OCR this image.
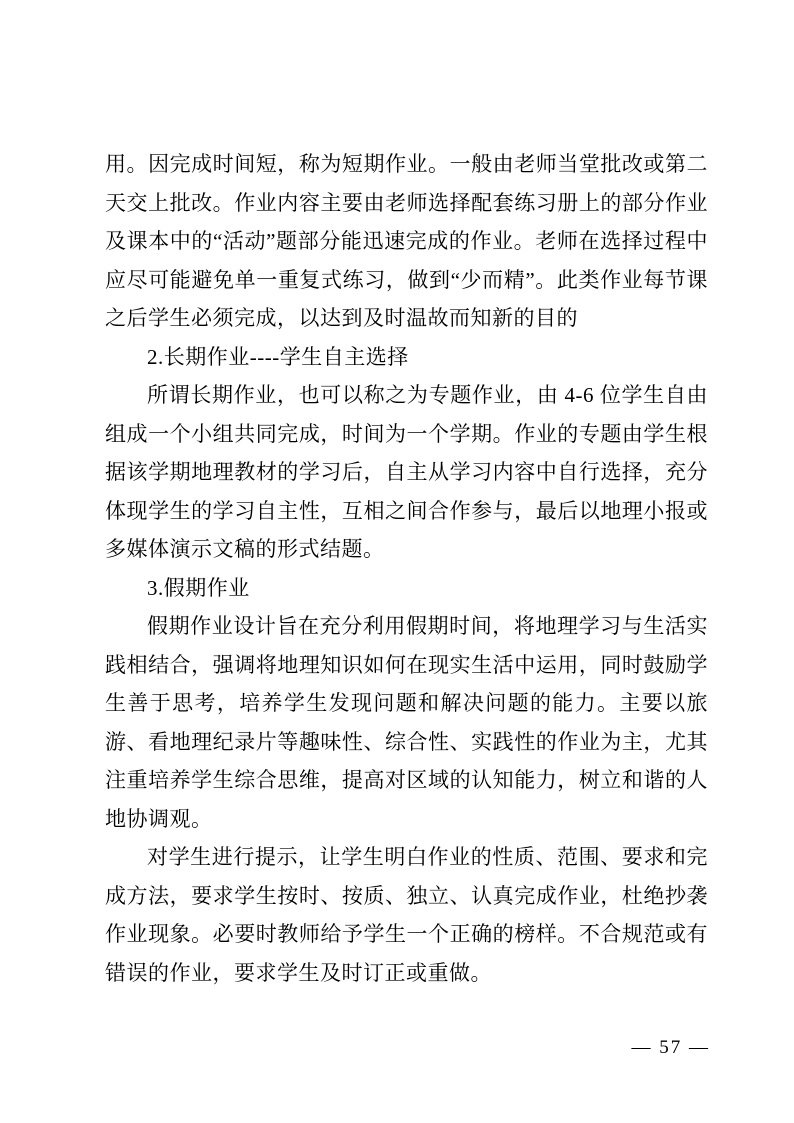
用。因完成时间短，称为短期作业。一般由老师当堂批改或第二天交上批改。作业内容主要由老师选择配套练习册上的部分作业及课本中的“活动”题部分能迅速完成的作业。老师在选择过程中应尽可能避免单一重复式练习，做到“少而精”。此类作业每节课之后学生必须完成，以达到及时温故而知新的目的

2.长期作业----学生自主选择

所谓长期作业，也可以称之为专题作业，由 4-6 位学生自由组成一个小组共同完成，时间为一个学期。作业的专题由学生根据该学期地理教材的学习后，自主从学习内容中自行选择，充分体现学生的学习自主性，互相之间合作参与，最后以地理小报或多媒体演示文稿的形式结题。

3.假期作业

假期作业设计旨在充分利用假期时间，将地理学习与生活实践相结合，强调将地理知识如何在现实生活中运用，同时鼓励学生善于思考，培养学生发现问题和解决问题的能力。主要以旅游、看地理纪录片等趣味性、综合性、实践性的作业为主，尤其注重培养学生综合思维，提高对区域的认知能力，树立和谐的人地协调观。

对学生进行提示，让学生明白作业的性质、范围、要求和完成方法，要求学生按时、按质、独立、认真完成作业，杜绝抄袭作业现象。必要时教师给予学生一个正确的榜样。不合规范或有错误的作业，要求学生及时订正或重做。

— 57 —
